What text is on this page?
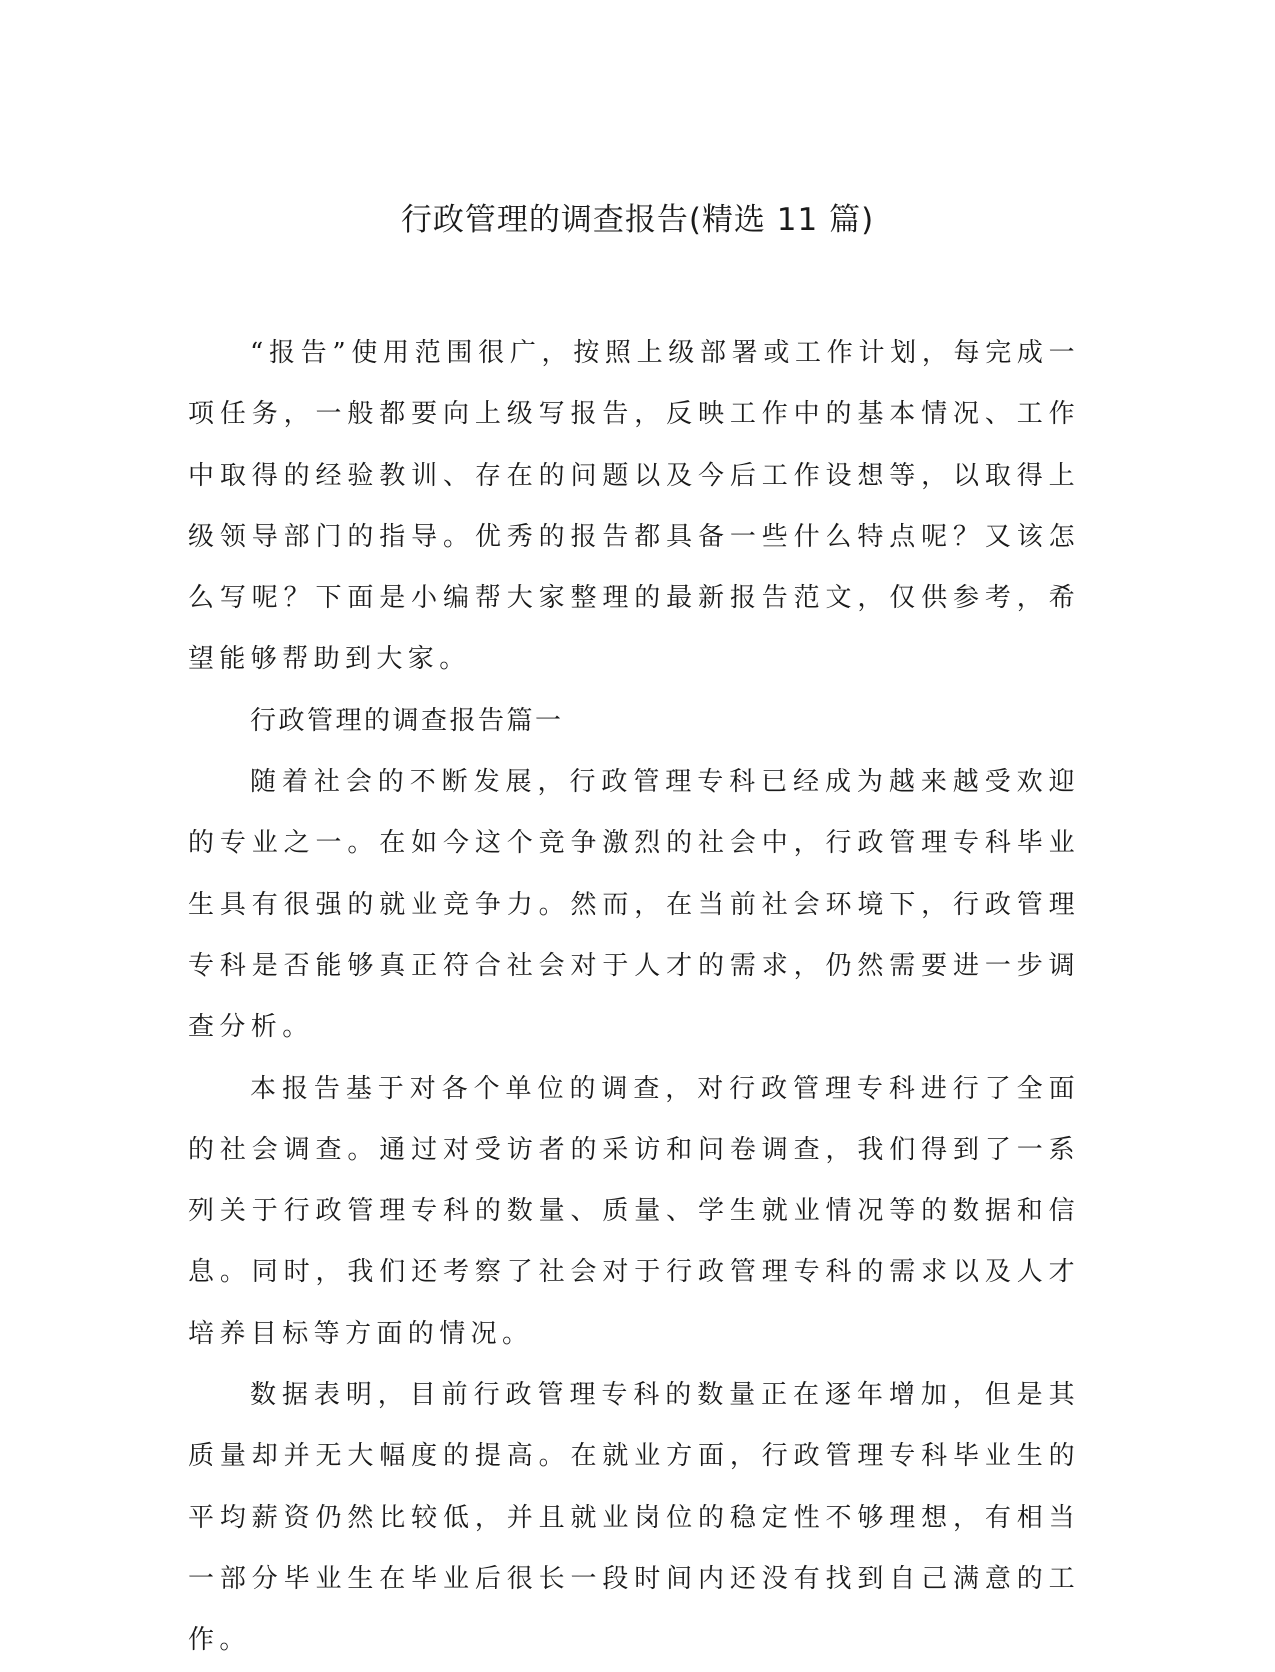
行政管理的调查报告(精选 11 篇)

“报告”使用范围很广，按照上级部署或工作计划，每完成一项任务，一般都要向上级写报告，反映工作中的基本情况、工作中取得的经验教训、存在的问题以及今后工作设想等，以取得上级领导部门的指导。优秀的报告都具备一些什么特点呢？又该怎么写呢？下面是小编帮大家整理的最新报告范文，仅供参考，希望能够帮助到大家。

行政管理的调查报告篇一

随着社会的不断发展，行政管理专科已经成为越来越受欢迎的专业之一。在如今这个竞争激烈的社会中，行政管理专科毕业生具有很强的就业竞争力。然而，在当前社会环境下，行政管理专科是否能够真正符合社会对于人才的需求，仍然需要进一步调查分析。

本报告基于对各个单位的调查，对行政管理专科进行了全面的社会调查。通过对受访者的采访和问卷调查，我们得到了一系列关于行政管理专科的数量、质量、学生就业情况等的数据和信息。同时，我们还考察了社会对于行政管理专科的需求以及人才培养目标等方面的情况。

数据表明，目前行政管理专科的数量正在逐年增加，但是其质量却并无大幅度的提高。在就业方面，行政管理专科毕业生的平均薪资仍然比较低，并且就业岗位的稳定性不够理想，有相当一部分毕业生在毕业后很长一段时间内还没有找到自己满意的工作。
